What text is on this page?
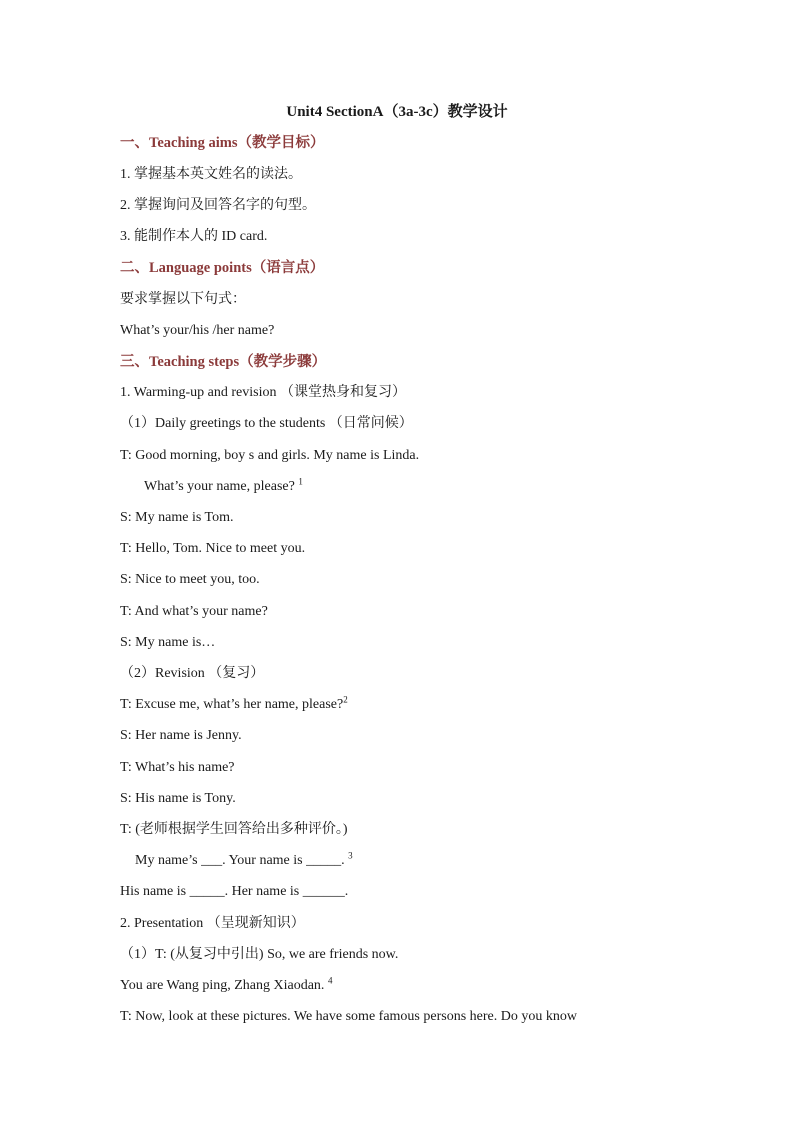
Unit4 SectionA（3a-3c）教学设计
一、Teaching aims（教学目标）
1. 掌握基本英文姓名的读法。
2. 掌握询问及回答名字的句型。
3. 能制作本人的 ID card.
二、Language points（语言点）
要求掌握以下句式：
What’s your/his /her name?
三、Teaching steps（教学步骤）
1. Warming-up and revision （课堂热身和复习）
（1）Daily greetings to the students （日常问候）
T: Good morning, boy s and girls. My name is Linda.
What’s your name, please? $^1$
S: My name is Tom.
T: Hello, Tom. Nice to meet you.
S: Nice to meet you, too.
T: And what’s your name?
S: My name is…
（2）Revision （复习）
T: Excuse me, what’s her name, please?$^2$
S: Her name is Jenny.
T: What’s his name?
S: His name is Tony.
T: (老师根据学生回答给出多种评价。)
My name’s ___. Your name is _____. $^3$
His name is _____. Her name is ______.
2. Presentation （呈现新知识）
（1）T: (从复习中引出) So, we are friends now.
You are Wang ping, Zhang Xiaodan. $^4$
T: Now, look at these pictures. We have some famous persons here. Do you know
